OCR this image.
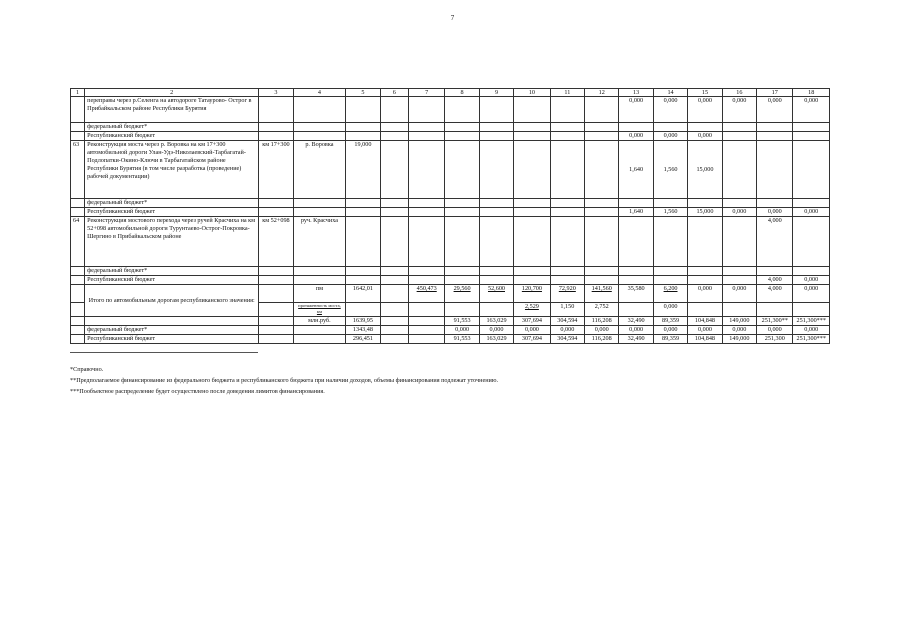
7
1	2	3	4	5	6	7	8	9	10	11	12	13	14	15	16	17	18
	переправы через р.Селенга на автодороге Татаурово- Острог в Прибайкальском районе Республики Бурятия											0,000	0,000	0,000	0,000	0,000	0,000
	федеральный бюджет*																
	Республиканский бюджет											0,000	0,000	0,000			
63	Реконструкция моста через р. Воровка на км 17+300 автомобильной дороги Улан-Удэ-Николаевский-Тарбагатай-Подлопатки-Окино-Ключи в Тарбагатайском районе Республики Бурятия (в том числе разработка (проведение) рабочей документации)	км 17+300	р. Воровка	19,000								1,640	1,560	15,000			
	федеральный бюджет*																
	Республиканский бюджет											1,640	1,560	15,000	0,000	0,000	0,000
64	Реконструкция мостового перехода через ручей Красчиха на км 52+098 автомобильной дороги Турунтаево-Острог-Покровка-Шергино в Прибайкальском районе	км 52+098	руч. Красчиха													4,000	
	федеральный бюджет*																
	Республиканский бюджет															4,000	0,000
	Итого по автомобильным дорогам республиканского значения:		пм	1642,01		450,473	29,560	52,600	120,700	72,920	141,560	35,580	6,200	0,000	0,000	4,000	0,000
			протяженность моста, км						2,529	1,150	2,752		0,000				
			млн.руб.	1639,95			91,553	163,029	307,694	304,594	116,208	32,490	89,359	104,848	149,000	251,300**	251,300***
	федеральный бюджет*			1343,48			0,000	0,000	0,000	0,000	0,000	0,000	0,000	0,000	0,000	0,000	0,000
	Республиканский бюджет			296,451			91,553	163,029	307,694	304,594	116,208	32,490	89,359	104,848	149,000	251,300	251,300***
*Справочно.
**Предполагаемое финансирование из федерального бюджета и республиканского бюджета при наличии доходов, объемы финансирования подлежат уточнению.
***Пообъектное распределение будет осуществлено после доведения лимитов финансирования.
